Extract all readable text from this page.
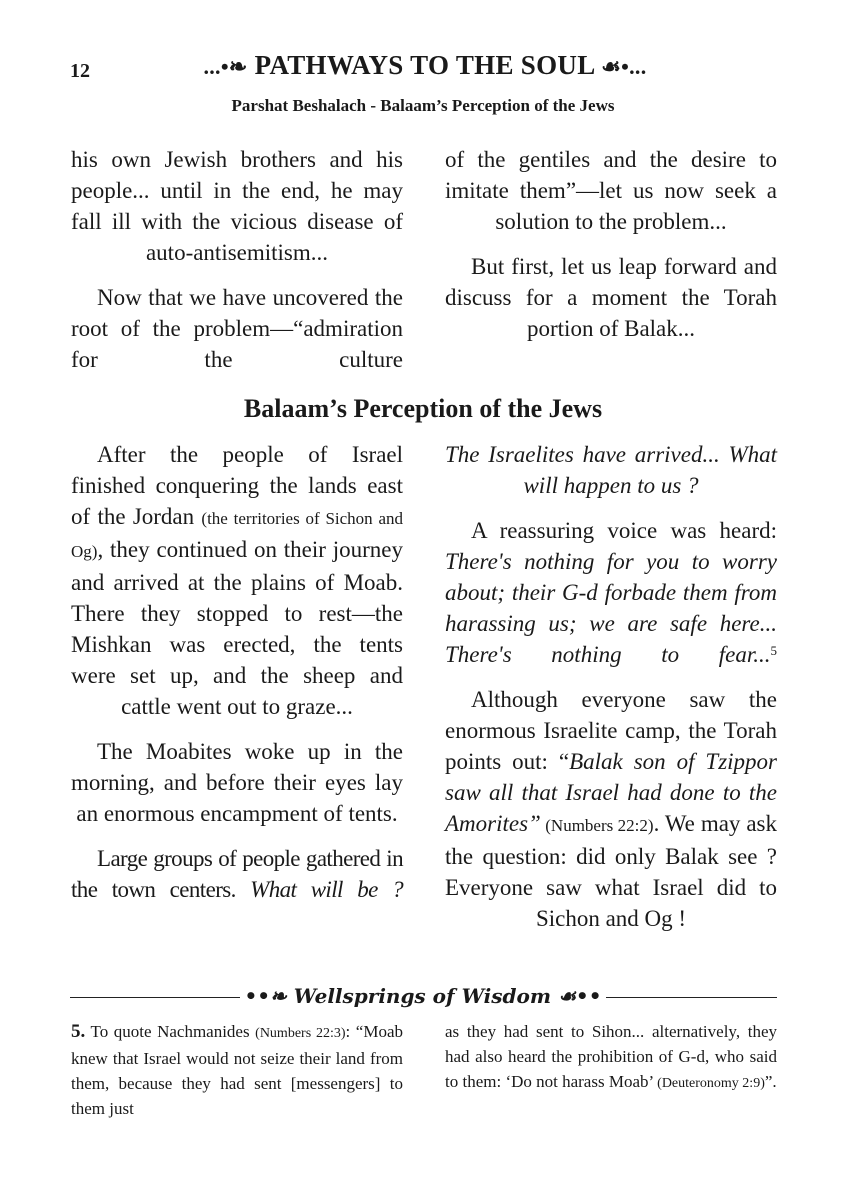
12	...•❧ PATHWAYS TO THE SOUL ☙•...
Parshat Beshalach - Balaam’s Perception of the Jews

his own Jewish brothers and his people... until in the end, he may fall ill with the vicious disease of auto-antisemitism...

Now that we have uncovered the root of the problem—“admiration for the culture

of the gentiles and the desire to imitate them”—let us now seek a solution to the problem...

But first, let us leap forward and discuss for a moment the Torah portion of Balak...

Balaam’s Perception of the Jews

After the people of Israel finished conquering the lands east of the Jordan (the territories of Sichon and Og), they continued on their journey and arrived at the plains of Moab. There they stopped to rest—the Mishkan was erected, the tents were set up, and the sheep and cattle went out to graze...

The Moabites woke up in the morning, and before their eyes lay an enormous encampment of tents.

Large groups of people gathered in the town centers. What will be ?

The Israelites have arrived... What will happen to us ?

A reassuring voice was heard: There's nothing for you to worry about; their G-d forbade them from harassing us; we are safe here... There's nothing to fear...$^5$

Although everyone saw the enormous Israelite camp, the Torah points out: “Balak son of Tzippor saw all that Israel had done to the Amorites” (Numbers 22:2). We may ask the question: did only Balak see ? Everyone saw what Israel did to Sichon and Og !

••❧ Wellsprings of Wisdom ☙••
5. To quote Nachmanides (Numbers 22:3): “Moab knew that Israel would not seize their land from them, because they had sent [messengers] to them just
as they had sent to Sihon... alternatively, they had also heard the prohibition of G-d, who said to them: ‘Do not harass Moab’ (Deuteronomy 2:9)”.
